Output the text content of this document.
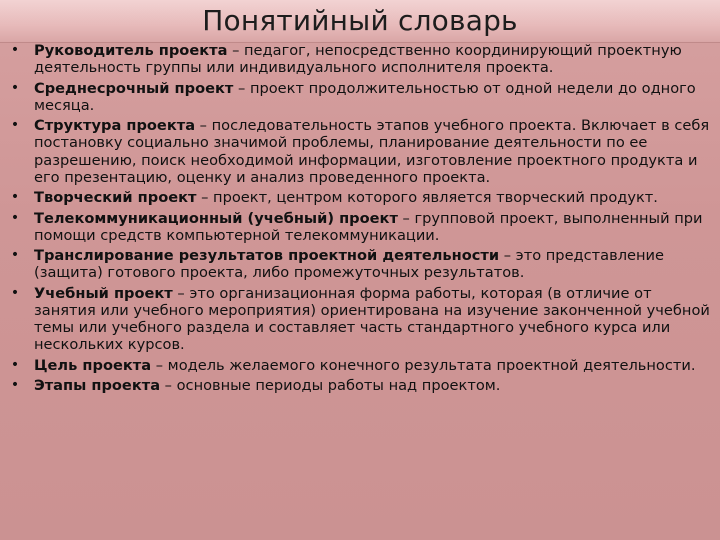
Понятийный словарь
• Руководитель проекта – педагог, непосредственно координирующий проектную деятельность группы или индивидуального исполнителя проекта.
• Среднесрочный проект – проект продолжительностью от одной недели до одного месяца.
• Структура проекта – последовательность этапов учебного проекта. Включает в себя постановку социально значимой проблемы, планирование деятельности по ее разрешению, поиск необходимой информации, изготовление проектного продукта и его презентацию, оценку и анализ проведенного проекта.
• Творческий проект – проект, центром которого является творческий продукт.
• Телекоммуникационный (учебный) проект – групповой проект, выполненный при помощи средств компьютерной телекоммуникации.
• Транслирование результатов проектной деятельности – это представление (защита) готового проекта, либо промежуточных результатов.
• Учебный проект – это организационная форма работы, которая (в отличие от занятия или учебного мероприятия) ориентирована на изучение законченной учебной темы или учебного раздела и составляет часть стандартного учебного курса или нескольких курсов.
• Цель проекта – модель желаемого конечного результата проектной деятельности.
• Этапы проекта – основные периоды работы над проектом.
